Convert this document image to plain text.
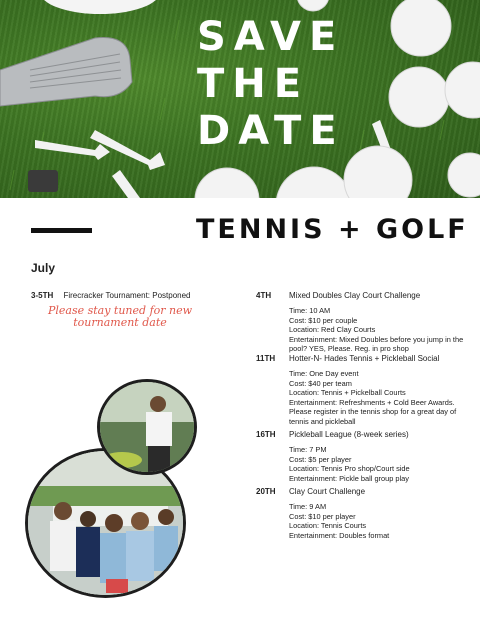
SAVE
THE
DATE
TENNIS + GOLF
July
3-5TH Firecracker Tournament: Postponed
Please stay tuned for new tournament date
4TH Mixed Doubles Clay Court Challenge
Time: 10 AM
Cost: $10 per couple
Location: Red Clay Courts
Entertainment: Mixed Doubles before you jump in the pool? YES, Please. Reg. in pro shop
11TH Hotter-N- Hades Tennis + Pickleball Social
Time: One Day event
Cost: $40 per team
Location: Tennis + Pickelball Courts
Entertainment: Refreshments + Cold Beer Awards.
Please register in the tennis shop for a great day of tennis and pickleball
16TH Pickleball League (8-week series)
Time: 7 PM
Cost: $5 per player
Location: Tennis Pro shop/Court side
Entertainment: Pickle ball group play
20TH Clay Court Challenge
Time: 9 AM
Cost: $10 per player
Location: Tennis Courts
Entertainment: Doubles format
